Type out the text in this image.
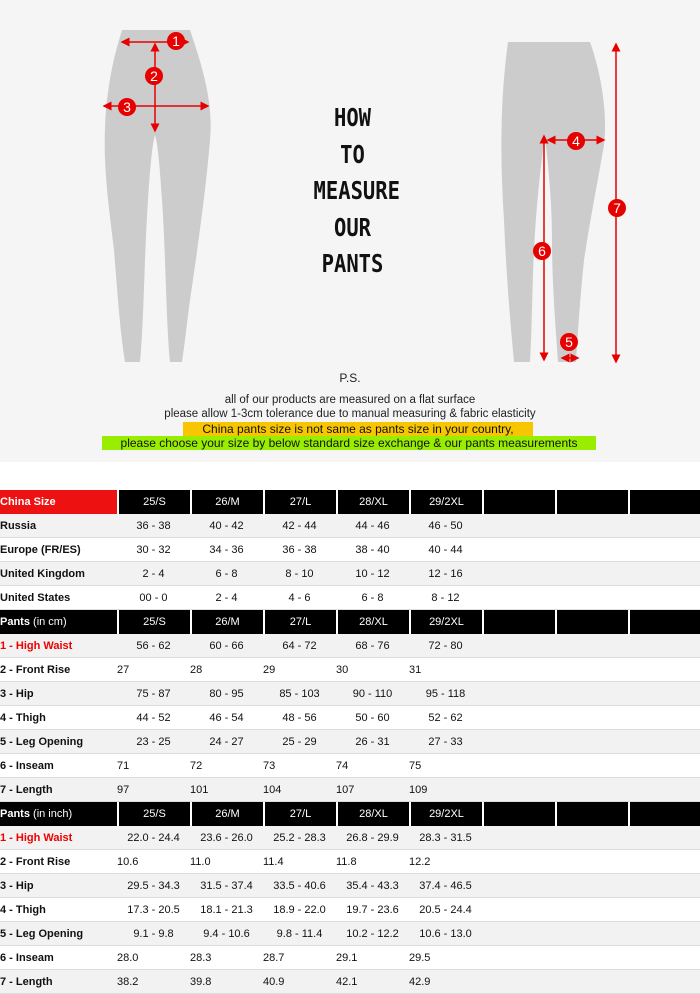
1
2
3
4
5
6
7
HOW
TO
MEASURE
OUR
PANTS
P.S.
all of our products are measured on a flat surface
please allow 1-3cm tolerance due to manual measuring & fabric elasticity
China pants size is not same as pants size in your country,
please choose your size by below standard size exchange & our pants measurements
China Size	25/S	26/M	27/L	28/XL	29/2XL			
Russia	36 - 38	40 - 42	42 - 44	44 - 46	46 - 50			
Europe (FR/ES)	30 - 32	34 - 36	36 - 38	38 - 40	40 - 44			
United Kingdom	2 - 4	6 - 8	8 - 10	10 - 12	12 - 16			
United States	00 - 0	2 - 4	4 - 6	6 - 8	8 - 12			
Pants (in cm)	25/S	26/M	27/L	28/XL	29/2XL			
1 - High Waist	56 - 62	60 - 66	64 - 72	68 - 76	72 - 80			
2 - Front Rise	27	28	29	30	31			
3 - Hip	75 - 87	80 - 95	85 - 103	90 - 110	95 - 118			
4 - Thigh	44 - 52	46 - 54	48 - 56	50 - 60	52 - 62			
5 - Leg Opening	23 - 25	24 - 27	25 - 29	26 - 31	27 - 33			
6 - Inseam	71	72	73	74	75			
7 - Length	97	101	104	107	109			
Pants (in inch)	25/S	26/M	27/L	28/XL	29/2XL			
1 - High Waist	22.0 - 24.4	23.6 - 26.0	25.2 - 28.3	26.8 - 29.9	28.3 - 31.5			
2 - Front Rise	10.6	11.0	11.4	11.8	12.2			
3 - Hip	29.5 - 34.3	31.5 - 37.4	33.5 - 40.6	35.4 - 43.3	37.4 - 46.5			
4 - Thigh	17.3 - 20.5	18.1 - 21.3	18.9 - 22.0	19.7 - 23.6	20.5 - 24.4			
5 - Leg Opening	9.1 - 9.8	9.4 - 10.6	9.8 - 11.4	10.2 - 12.2	10.6 - 13.0			
6 - Inseam	28.0	28.3	28.7	29.1	29.5			
7 - Length	38.2	39.8	40.9	42.1	42.9			
